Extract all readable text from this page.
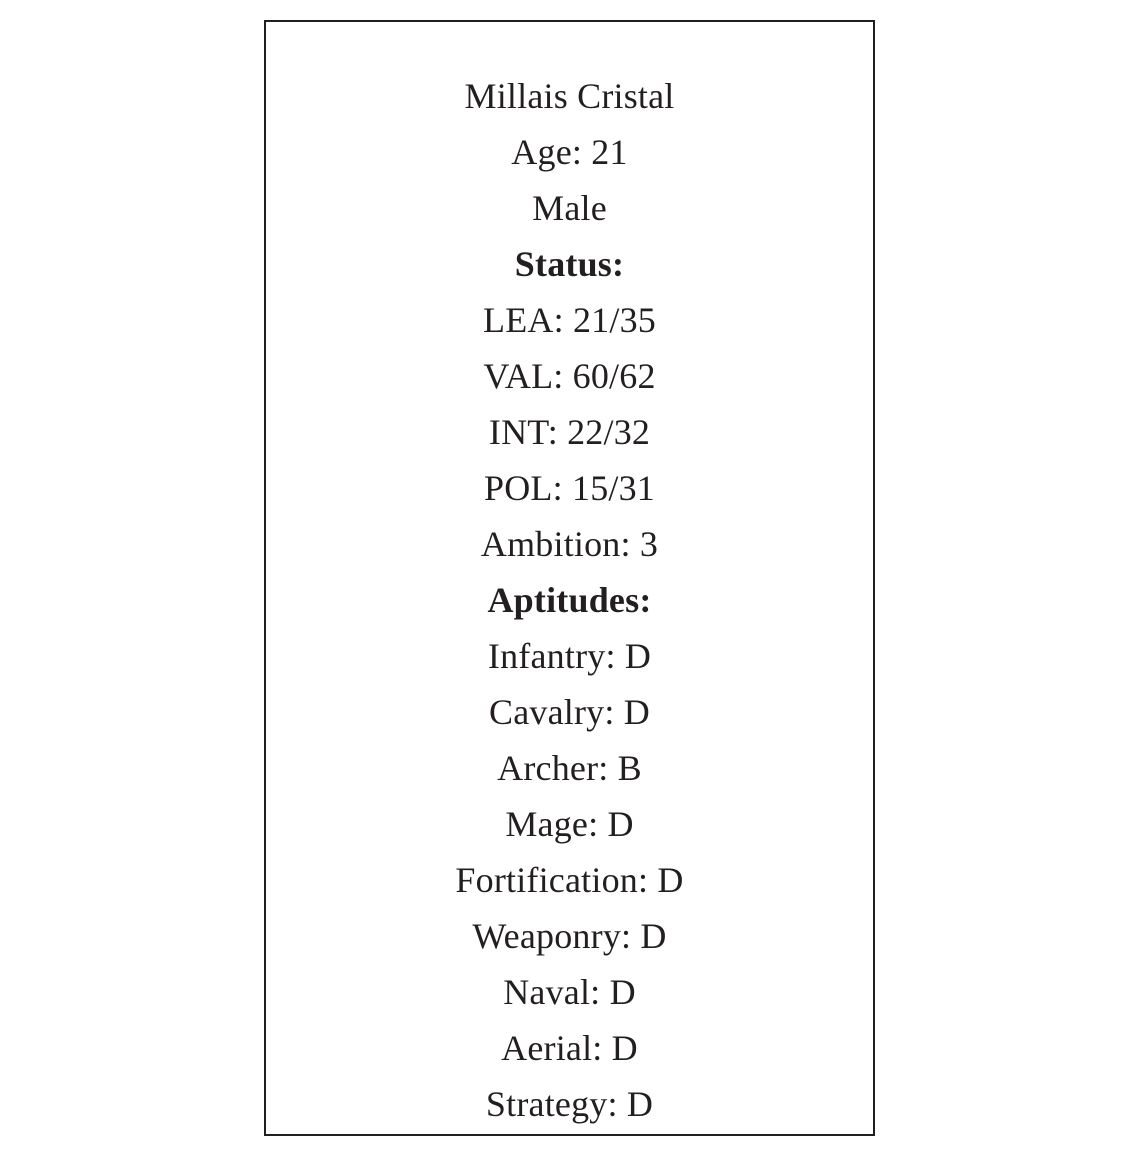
Millais Cristal
Age: 21
Male
Status:
LEA: 21/35
VAL: 60/62
INT: 22/32
POL: 15/31
Ambition: 3
Aptitudes:
Infantry: D
Cavalry: D
Archer: B
Mage: D
Fortification: D
Weaponry: D
Naval: D
Aerial: D
Strategy: D
